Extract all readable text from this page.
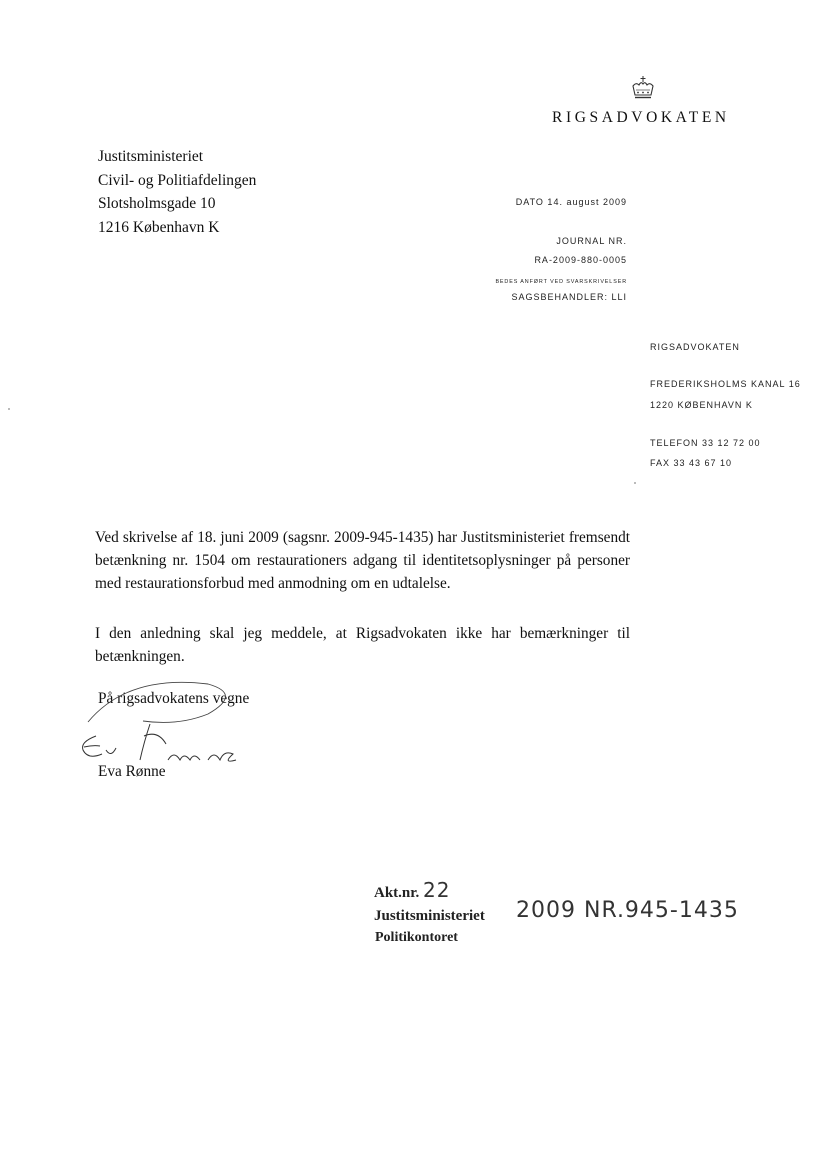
RIGSADVOKATEN
Justitsministeriet
Civil- og Politiafdelingen
Slotsholmsgade 10
1216 København K
DATO 14. august 2009
JOURNAL NR.
RA-2009-880-0005
BEDES ANFØRT VED SVARSKRIVELSER
SAGSBEHANDLER: LLI
RIGSADVOKATEN
FREDERIKSHOLMS KANAL 16
1220 KØBENHAVN K
TELEFON 33 12 72 00
FAX 33 43 67 10

Ved skrivelse af 18. juni 2009 (sagsnr. 2009-945-1435) har Justitsministeriet fremsendt betænkning nr. 1504 om restaurationers adgang til identitetsoplysninger på personer med restaurationsforbud med anmodning om en udtalelse.

I den anledning skal jeg meddele, at Rigsadvokaten ikke har bemærkninger til betænkningen.

På rigsadvokatens vegne
Eva Rønne
Akt.nr. 22
Justitsministeriet 2009 NR.945-1435
Politikontoret
